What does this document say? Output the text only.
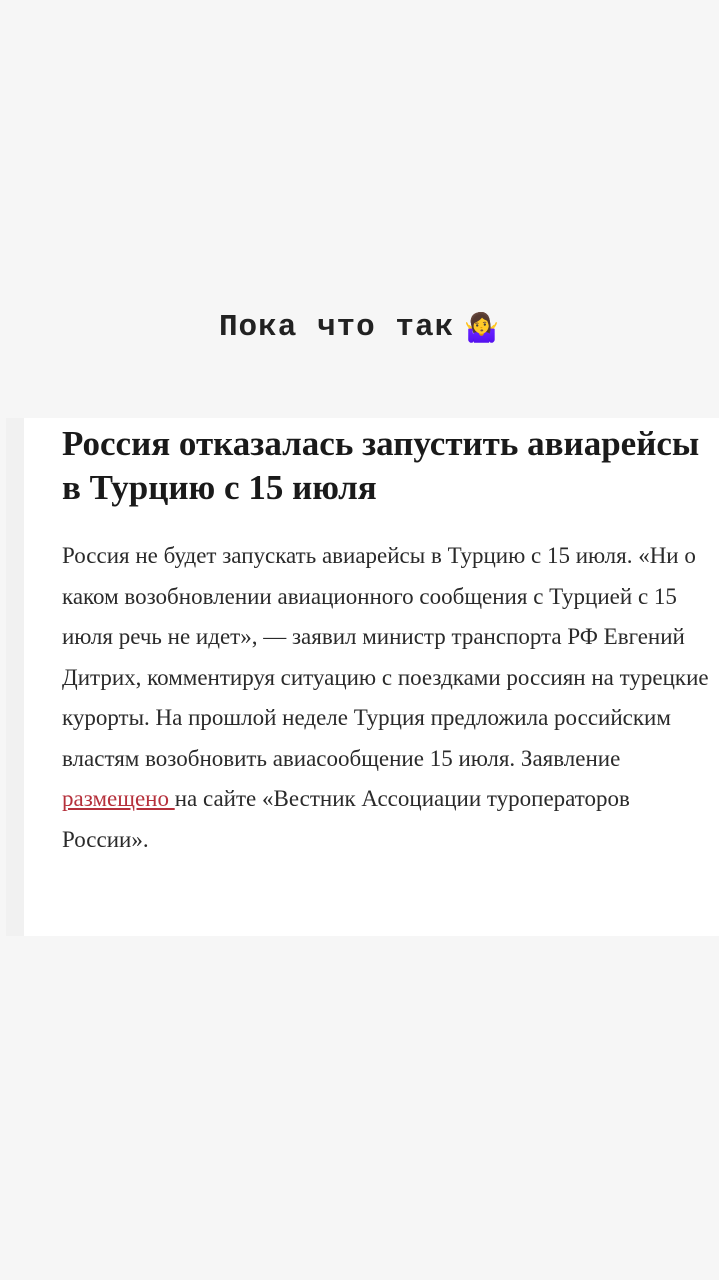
Пока что так 🤷‍♀️
Россия отказалась запустить авиарейсы в Турцию с 15 июля

Россия не будет запускать авиарейсы в Турцию с 15 июля. «Ни о каком возобновлении авиационного сообщения с Турцией с 15 июля речь не идет», — заявил министр транспорта РФ Евгений Дитрих, комментируя ситуацию с поездками россиян на турецкие курорты. На прошлой неделе Турция предложила российским властям возобновить авиасообщение 15 июля. Заявление размещено на сайте «Вестник Ассоциации туроператоров России».
